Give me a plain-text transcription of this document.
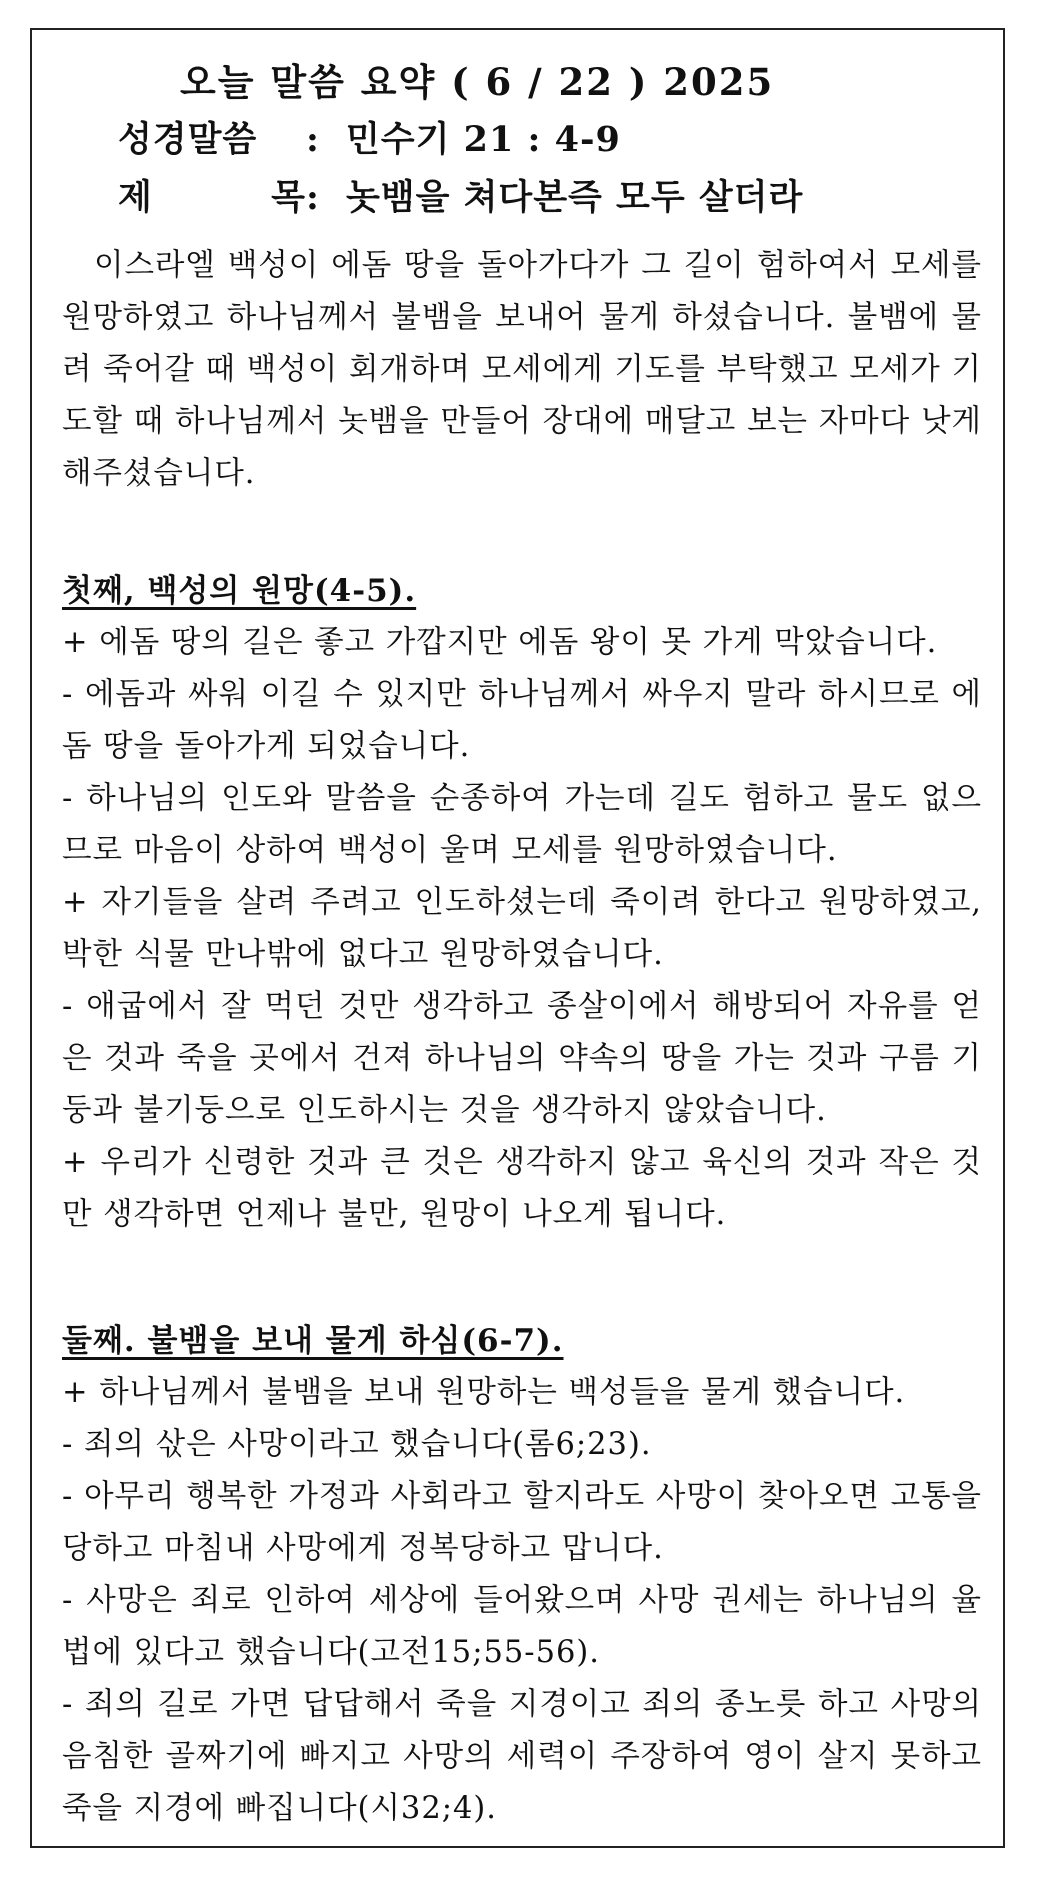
오늘 말씀 요약 ( 6 / 22 ) 2025
성경말씀 : 민수기 21 : 4-9
제 목: 놋뱀을 쳐다본즉 모두 살더라

이스라엘 백성이 에돔 땅을 돌아가다가 그 길이 험하여서 모세를 원망하였고 하나님께서 불뱀을 보내어 물게 하셨습니다. 불뱀에 물려 죽어갈 때 백성이 회개하며 모세에게 기도를 부탁했고 모세가 기도할 때 하나님께서 놋뱀을 만들어 장대에 매달고 보는 자마다 낫게 해주셨습니다.

첫째, 백성의 원망(4-5).

+ 에돔 땅의 길은 좋고 가깝지만 에돔 왕이 못 가게 막았습니다.

- 에돔과 싸워 이길 수 있지만 하나님께서 싸우지 말라 하시므로 에돔 땅을 돌아가게 되었습니다.

- 하나님의 인도와 말씀을 순종하여 가는데 길도 험하고 물도 없으므로 마음이 상하여 백성이 울며 모세를 원망하였습니다.

+ 자기들을 살려 주려고 인도하셨는데 죽이려 한다고 원망하였고, 박한 식물 만나밖에 없다고 원망하였습니다.

- 애굽에서 잘 먹던 것만 생각하고 종살이에서 해방되어 자유를 얻은 것과 죽을 곳에서 건져 하나님의 약속의 땅을 가는 것과 구름 기둥과 불기둥으로 인도하시는 것을 생각하지 않았습니다.

+ 우리가 신령한 것과 큰 것은 생각하지 않고 육신의 것과 작은 것만 생각하면 언제나 불만, 원망이 나오게 됩니다.

둘째. 불뱀을 보내 물게 하심(6-7).

+ 하나님께서 불뱀을 보내 원망하는 백성들을 물게 했습니다.

- 죄의 삯은 사망이라고 했습니다(롬6;23).

- 아무리 행복한 가정과 사회라고 할지라도 사망이 찾아오면 고통을 당하고 마침내 사망에게 정복당하고 맙니다.

- 사망은 죄로 인하여 세상에 들어왔으며 사망 권세는 하나님의 율법에 있다고 했습니다(고전15;55-56).

- 죄의 길로 가면 답답해서 죽을 지경이고 죄의 종노릇 하고 사망의 음침한 골짜기에 빠지고 사망의 세력이 주장하여 영이 살지 못하고 죽을 지경에 빠집니다(시32;4).
